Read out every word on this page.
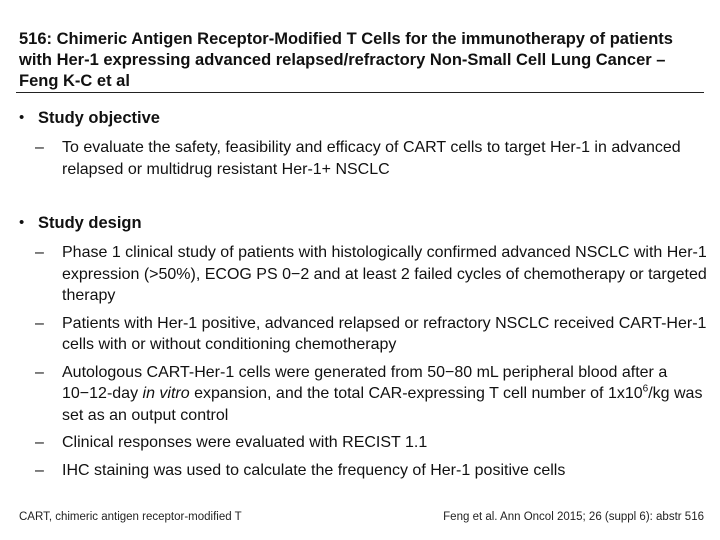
516: Chimeric Antigen Receptor-Modified T Cells for the immunotherapy of patients with Her-1 expressing advanced relapsed/refractory Non-Small Cell Lung Cancer – Feng K-C et al
• Study objective
–	To evaluate the safety, feasibility and efficacy of CART cells to target Her-1 in advanced relapsed or multidrug resistant Her-1+ NSCLC
• Study design
–	Phase 1 clinical study of patients with histologically confirmed advanced NSCLC with Her-1 expression (>50%), ECOG PS 0−2 and at least 2 failed cycles of chemotherapy or targeted therapy
–	Patients with Her-1 positive, advanced relapsed or refractory NSCLC received CART-Her-1 cells with or without conditioning chemotherapy
–	Autologous CART-Her-1 cells were generated from 50−80 mL peripheral blood after a 10−12-day in vitro expansion, and the total CAR-expressing T cell number of $1x10^6/kg$ was set as an output control
–	Clinical responses were evaluated with RECIST 1.1
–	IHC staining was used to calculate the frequency of Her-1 positive cells
CART, chimeric antigen receptor-modified T	Feng et al. Ann Oncol 2015; 26 (suppl 6): abstr 516
